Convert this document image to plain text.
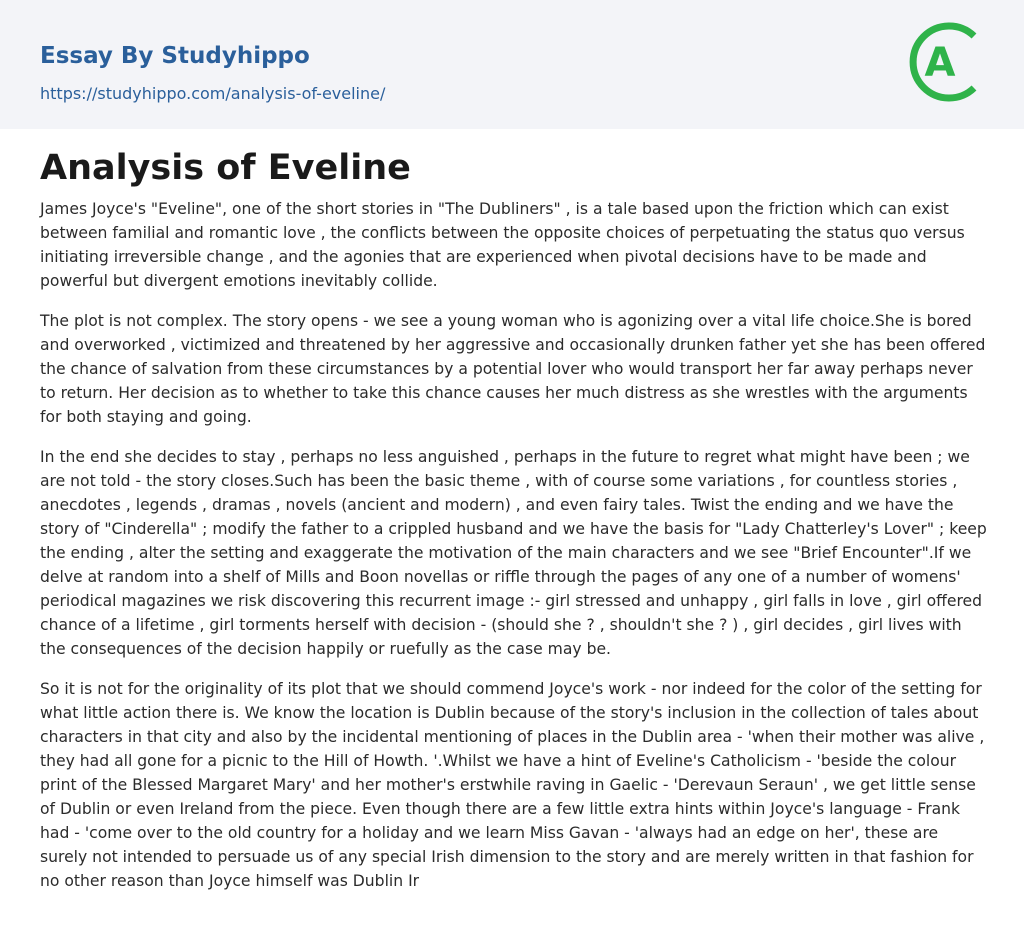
Essay By Studyhippo
https://studyhippo.com/analysis-of-eveline/
A
Analysis of Eveline

James Joyce's "Eveline", one of the short stories in "The Dubliners" , is a tale based upon the friction which can exist between familial and romantic love , the conflicts between the opposite choices of perpetuating the status quo versus initiating irreversible change , and the agonies that are experienced when pivotal decisions have to be made and powerful but divergent emotions inevitably collide.

The plot is not complex. The story opens - we see a young woman who is agonizing over a vital life choice.She is bored and overworked , victimized and threatened by her aggressive and occasionally drunken father yet she has been offered the chance of salvation from these circumstances by a potential lover who would transport her far away perhaps never to return. Her decision as to whether to take this chance causes her much distress as she wrestles with the arguments for both staying and going.

In the end she decides to stay , perhaps no less anguished , perhaps in the future to regret what might have been ; we are not told - the story closes.Such has been the basic theme , with of course some variations , for countless stories , anecdotes , legends , dramas , novels (ancient and modern) , and even fairy tales. Twist the ending and we have the story of "Cinderella" ; modify the father to a crippled husband and we have the basis for "Lady Chatterley's Lover" ; keep the ending , alter the setting and exaggerate the motivation of the main characters and we see "Brief Encounter".If we delve at random into a shelf of Mills and Boon novellas or riffle through the pages of any one of a number of womens' periodical magazines we risk discovering this recurrent image :- girl stressed and unhappy , girl falls in love , girl offered chance of a lifetime , girl torments herself with decision - (should she ? , shouldn't she ? ) , girl decides , girl lives with the consequences of the decision happily or ruefully as the case may be.

So it is not for the originality of its plot that we should commend Joyce's work - nor indeed for the color of the setting for what little action there is. We know the location is Dublin because of the story's inclusion in the collection of tales about characters in that city and also by the incidental mentioning of places in the Dublin area - 'when their mother was alive , they had all gone for a picnic to the Hill of Howth. '.Whilst we have a hint of Eveline's Catholicism - 'beside the colour print of the Blessed Margaret Mary' and her mother's erstwhile raving in Gaelic - 'Derevaun Seraun' , we get little sense of Dublin or even Ireland from the piece. Even though there are a few little extra hints within Joyce's language - Frank had - 'come over to the old country for a holiday and we learn Miss Gavan - 'always had an edge on her', these are surely not intended to persuade us of any special Irish dimension to the story and are merely written in that fashion for no other reason than Joyce himself was Dublin Ir
